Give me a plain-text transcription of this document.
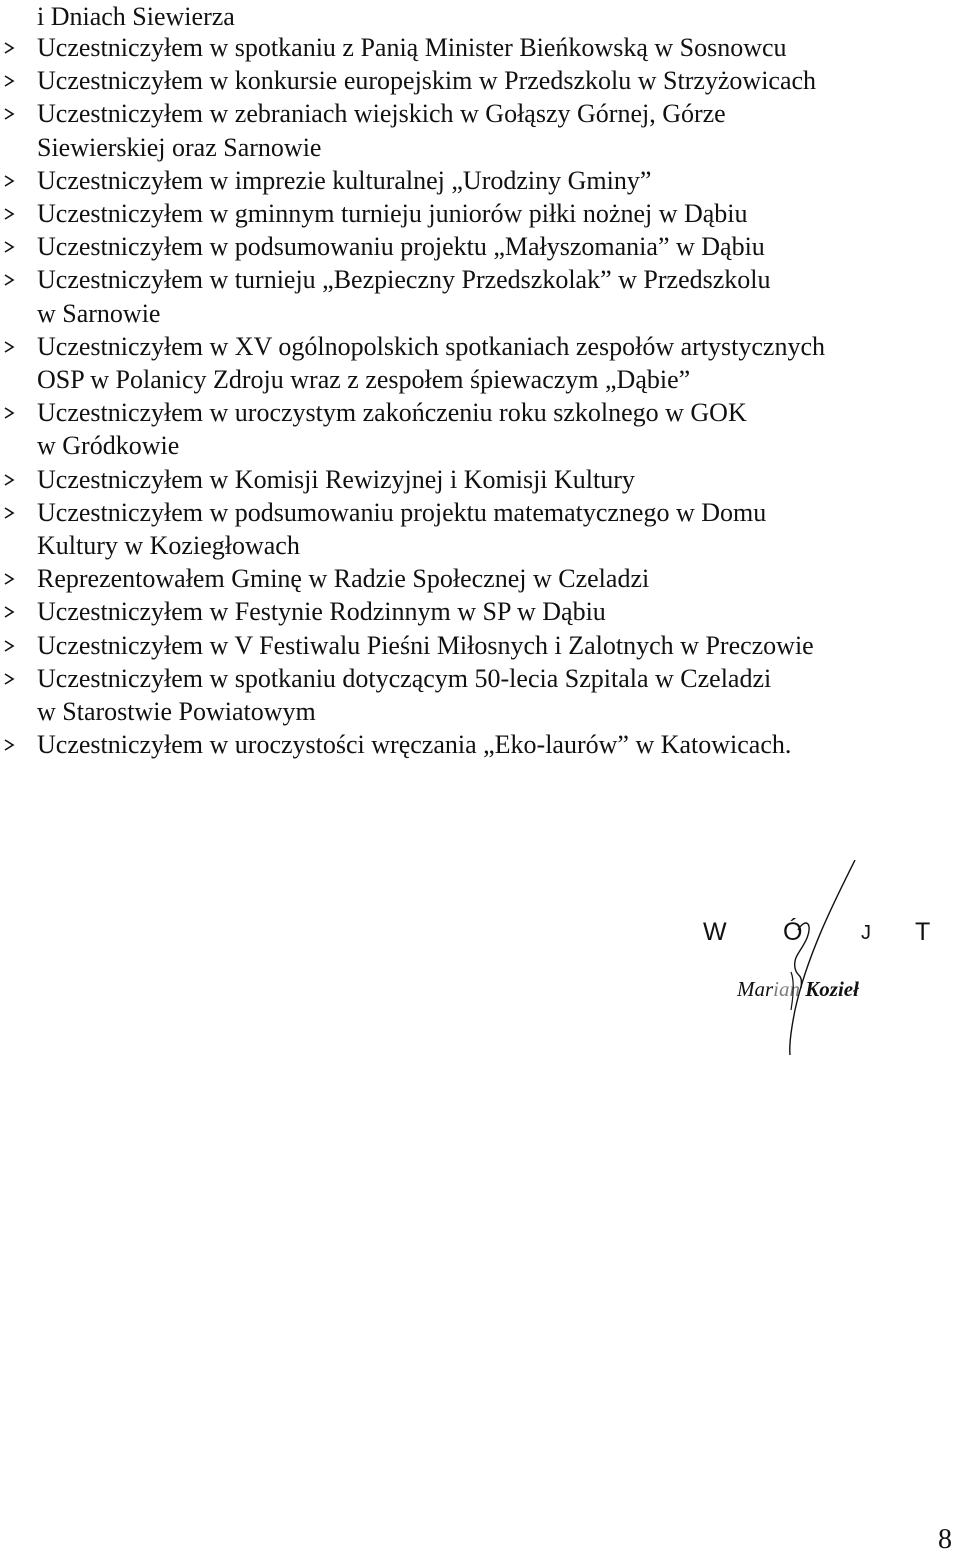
i Dniach Siewierza
Uczestniczyłem w spotkaniu z Panią Minister Bieńkowską w Sosnowcu
Uczestniczyłem w konkursie europejskim w Przedszkolu w Strzyżowicach
Uczestniczyłem w zebraniach wiejskich w Gołąszy Górnej, Górze
Siewierskiej oraz Sarnowie
Uczestniczyłem w imprezie kulturalnej „Urodziny Gminy”
Uczestniczyłem w gminnym turnieju juniorów piłki nożnej w Dąbiu
Uczestniczyłem w podsumowaniu projektu „Małyszomania” w Dąbiu
Uczestniczyłem w turnieju „Bezpieczny Przedszkolak” w Przedszkolu
w Sarnowie
Uczestniczyłem w XV ogólnopolskich spotkaniach zespołów artystycznych
OSP w Polanicy Zdroju wraz z zespołem śpiewaczym „Dąbie”
Uczestniczyłem w uroczystym zakończeniu roku szkolnego w GOK
w Gródkowie
Uczestniczyłem w Komisji Rewizyjnej i Komisji Kultury
Uczestniczyłem w podsumowaniu projektu matematycznego w Domu
Kultury w Koziegłowach
Reprezentowałem Gminę w Radzie Społecznej w Czeladzi
Uczestniczyłem w Festynie Rodzinnym w SP w Dąbiu
Uczestniczyłem w V Festiwalu Pieśni Miłosnych i Zalotnych w Preczowie
Uczestniczyłem w spotkaniu dotyczącym 50-lecia Szpitala w Czeladzi
w Starostwie Powiatowym
Uczestniczyłem w uroczystości wręczania „Eko-laurów” w Katowicach.
W Ó	J T
Marian Kozieł
8
